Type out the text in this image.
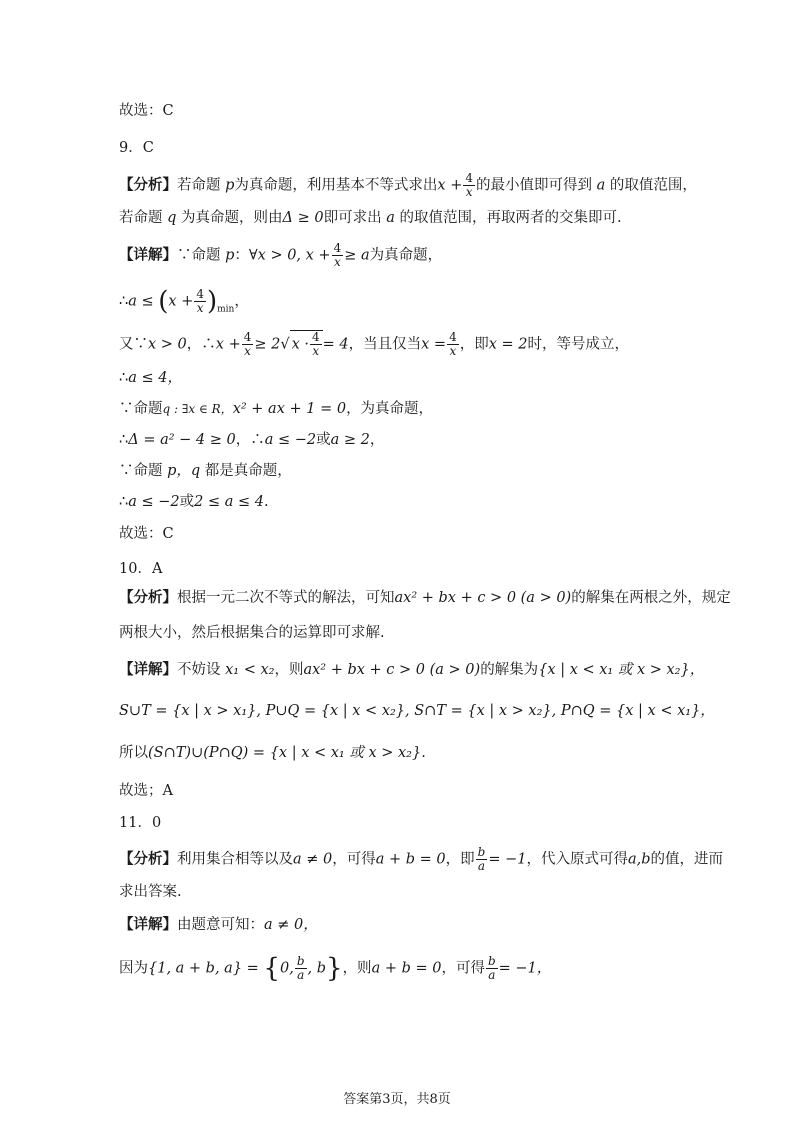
故选：C
9．C
【分析】若命题 p为真命题，利用基本不等式求出$x + \frac{4}{x}$ 的最小值即可得到 a 的取值范围，
若命题 q 为真命题，则由Δ ≥ 0即可求出 a 的取值范围，再取两者的交集即可.
【详解】∵命题 p：∀x > 0, $x + \frac{4}{x} \ge a$为真命题，
∴a ≤ $(x + \frac{4}{x} )_{min}$，
又∵x > 0，∴x + $\frac{4}{x} \ge 2√$ $x \cdot \frac{4}{x} = 4$，当且仅当$x = \frac{4}{x}$ ，即x = 2时，等号成立，
∴a ≤ 4，
∵命题q : ∃x ∈ R，x² + ax + 1 = 0，为真命题，
∴Δ = a² − 4 ≥ 0，∴a ≤ −2或a ≥ 2，
∵命题 p，q 都是真命题，
∴a ≤ −2或2 ≤ a ≤ 4.
故选：C
10．A
【分析】根据一元二次不等式的解法，可知ax² + bx + c > 0 (a > 0)的解集在两根之外，规定
两根大小，然后根据集合的运算即可求解.
【详解】不妨设 x₁ < x₂，则ax² + bx + c > 0 (a > 0)的解集为{x | x < x₁ 或 x > x₂}，
S∪T = {x | x > x₁}, P∪Q = {x | x < x₂}, S∩T = {x | x > x₂}, P∩Q = {x | x < x₁}，
所以(S∩T)∪(P∩Q) = {x | x < x₁ 或 x > x₂}.
故选；A
11．0
【分析】利用集合相等以及a ≠ 0，可得a + b = 0，即 $\frac{b}{a} = -1$，代入原式可得a,b的值，进而
求出答案.
【详解】由题意可知：a ≠ 0，
因为{1, a + b, a} = {0, $\frac{b}{a}$ , b}，则a + b = 0，可得 $\frac{b}{a} = -1$，
答案第3页，共8页
